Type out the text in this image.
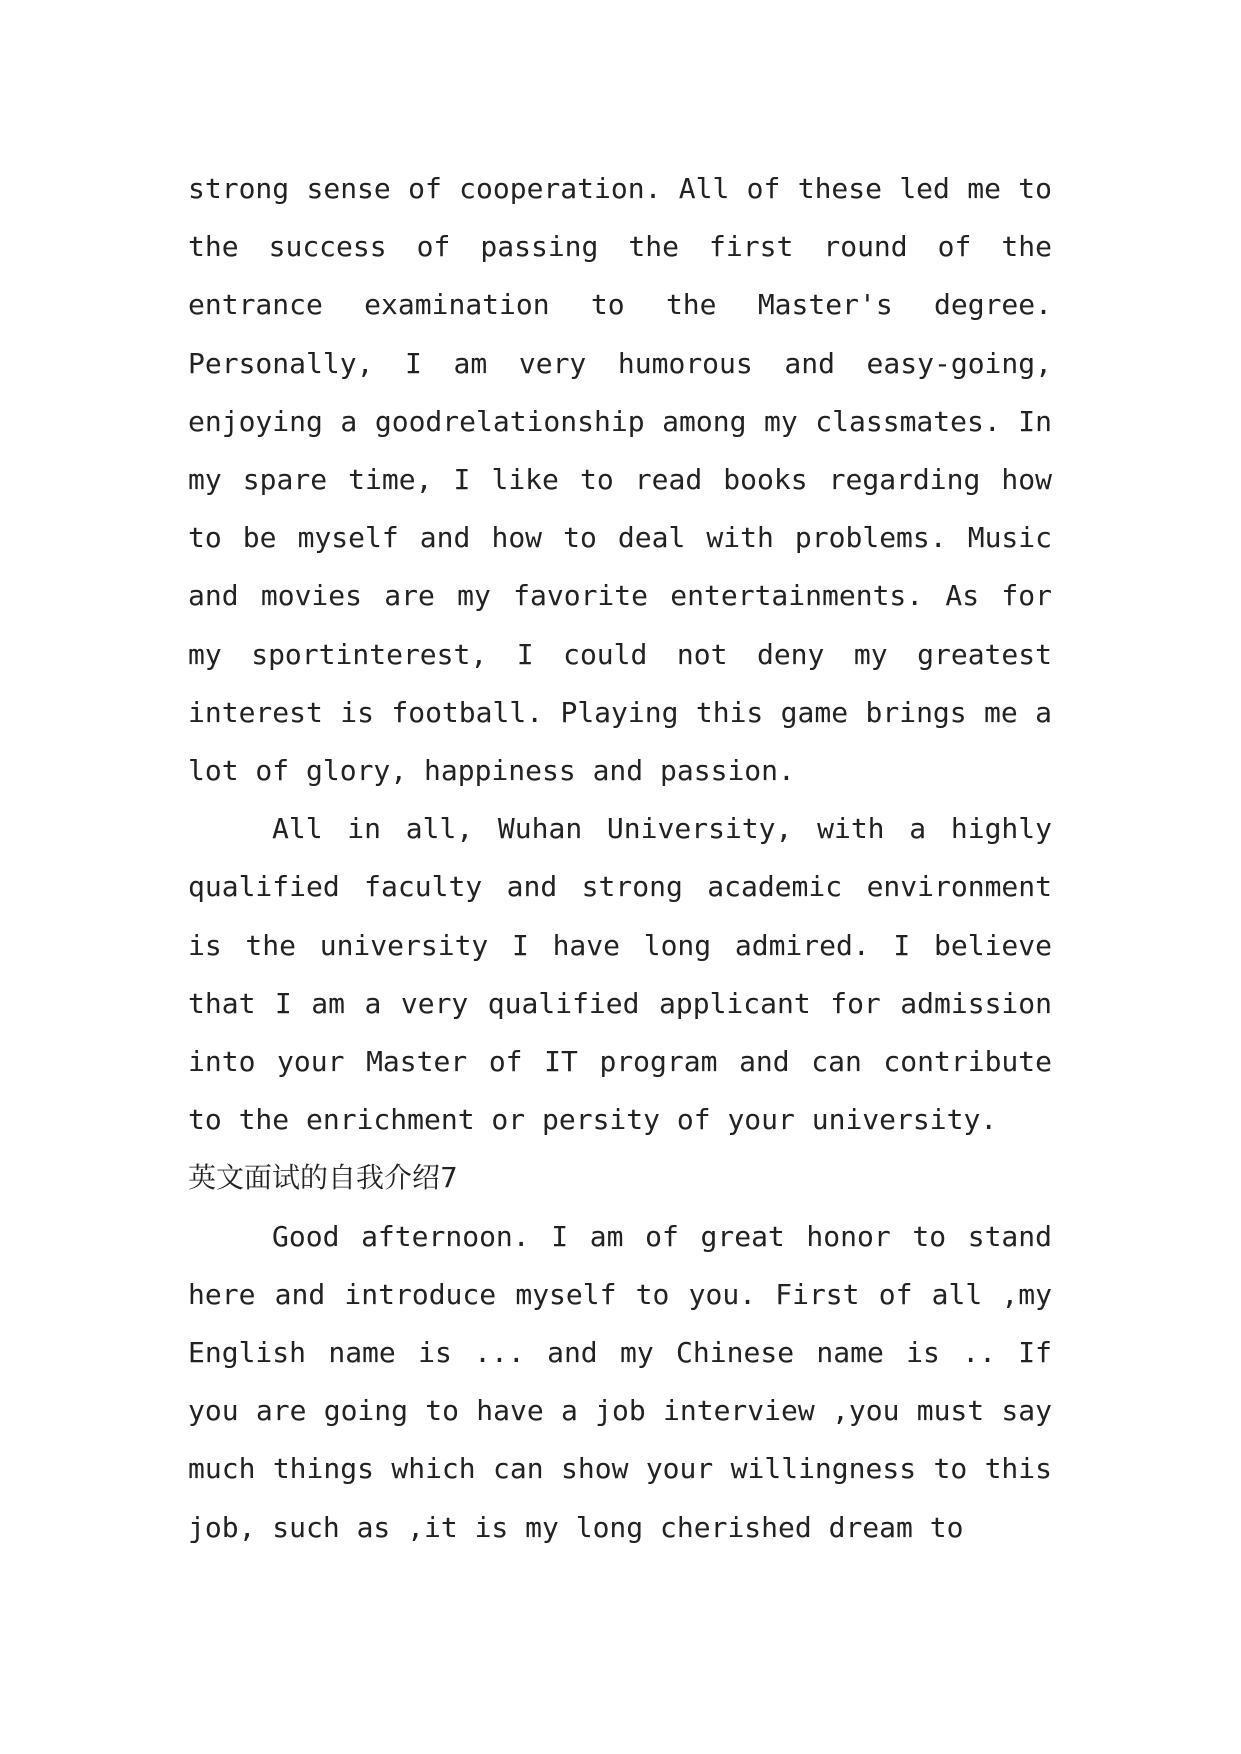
strong sense of cooperation. All of these led me to the success of passing the first round of the entrance examination to the Master's degree. Personally, I am very humorous and easy-going, enjoying a goodrelationship among my classmates. In my spare time, I like to read books regarding how to be myself and how to deal with problems. Music and movies are my favorite entertainments. As for my sportinterest, I could not deny my greatest interest is football. Playing this game brings me a lot of glory, happiness and passion.

All in all, Wuhan University, with a highly qualified faculty and strong academic environment is the university I have long admired. I believe that I am a very qualified applicant for admission into your Master of IT program and can contribute to the enrichment or persity of your university.

英文面试的自我介绍7

Good afternoon. I am of great honor to stand here and introduce myself to you. First of all ,my English name is ... and my Chinese name is .. If you are going to have a job interview ,you must say much things which can show your willingness to this job, such as ,it is my long cherished dream to
